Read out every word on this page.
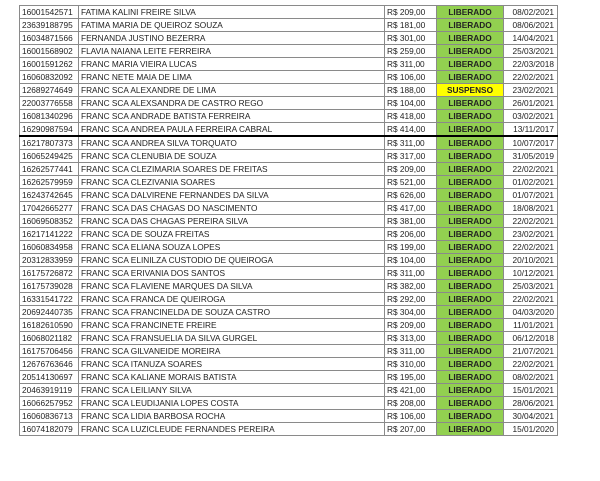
16001542571	FATIMA KALINI FREIRE SILVA	R$ 209,00	LIBERADO	08/02/2021
23639188795	FATIMA MARIA DE QUEIROZ SOUZA	R$ 181,00	LIBERADO	08/06/2021
16034871566	FERNANDA JUSTINO BEZERRA	R$ 301,00	LIBERADO	14/04/2021
16001568902	FLAVIA NAIANA LEITE FERREIRA	R$ 259,00	LIBERADO	25/03/2021
16001591262	FRANC MARIA VIEIRA LUCAS	R$ 311,00	LIBERADO	22/03/2018
16060832092	FRANC NETE MAIA DE LIMA	R$ 106,00	LIBERADO	22/02/2021
12689274649	FRANC SCA ALEXANDRE DE LIMA	R$ 188,00	SUSPENSO	23/02/2021
22003776558	FRANC SCA ALEXSANDRA DE CASTRO REGO	R$ 104,00	LIBERADO	26/01/2021
16081340296	FRANC SCA ANDRADE BATISTA FERREIRA	R$ 418,00	LIBERADO	03/02/2021
16290987594	FRANC SCA ANDREA PAULA FERREIRA CABRAL	R$ 414,00	LIBERADO	13/11/2017
16217807373	FRANC SCA ANDREA SILVA TORQUATO	R$ 311,00	LIBERADO	10/07/2017
16065249425	FRANC SCA CLENUBIA DE SOUZA	R$ 317,00	LIBERADO	31/05/2019
16262577441	FRANC SCA CLEZIMARIA SOARES DE FREITAS	R$ 209,00	LIBERADO	22/02/2021
16262579959	FRANC SCA CLEZIVANIA SOARES	R$ 521,00	LIBERADO	01/02/2021
16243742645	FRANC SCA DALVIRENE FERNANDES DA SILVA	R$ 626,00	LIBERADO	01/07/2021
17042665277	FRANC SCA DAS CHAGAS DO NASCIMENTO	R$ 417,00	LIBERADO	18/08/2021
16069508352	FRANC SCA DAS CHAGAS PEREIRA SILVA	R$ 381,00	LIBERADO	22/02/2021
16217141222	FRANC SCA DE SOUZA FREITAS	R$ 206,00	LIBERADO	23/02/2021
16060834958	FRANC SCA ELIANA SOUZA LOPES	R$ 199,00	LIBERADO	22/02/2021
20312833959	FRANC SCA ELINILZA CUSTODIO DE QUEIROGA	R$ 104,00	LIBERADO	20/10/2021
16175726872	FRANC SCA ERIVANIA DOS SANTOS	R$ 311,00	LIBERADO	10/12/2021
16175739028	FRANC SCA FLAVIENE MARQUES DA SILVA	R$ 382,00	LIBERADO	25/03/2021
16331541722	FRANC SCA FRANCA DE QUEIROGA	R$ 292,00	LIBERADO	22/02/2021
20692440735	FRANC SCA FRANCINELDA DE SOUZA CASTRO	R$ 304,00	LIBERADO	04/03/2020
16182610590	FRANC SCA FRANCINETE FREIRE	R$ 209,00	LIBERADO	11/01/2021
16068021182	FRANC SCA FRANSUELIA DA SILVA GURGEL	R$ 313,00	LIBERADO	06/12/2018
16175706456	FRANC SCA GILVANEIDE MOREIRA	R$ 311,00	LIBERADO	21/07/2021
12676763646	FRANC SCA ITANUZA SOARES	R$ 310,00	LIBERADO	22/02/2021
20514130697	FRANC SCA KALIANE MORAIS BATISTA	R$ 195,00	LIBERADO	08/02/2021
20463919119	FRANC SCA LEILIANY SILVA	R$ 421,00	LIBERADO	15/01/2021
16066257952	FRANC SCA LEUDIJANIA LOPES COSTA	R$ 208,00	LIBERADO	28/06/2021
16060836713	FRANC SCA LIDIA BARBOSA ROCHA	R$ 106,00	LIBERADO	30/04/2021
16074182079	FRANC SCA LUZICLEUDE FERNANDES PEREIRA	R$ 207,00	LIBERADO	15/01/2020
